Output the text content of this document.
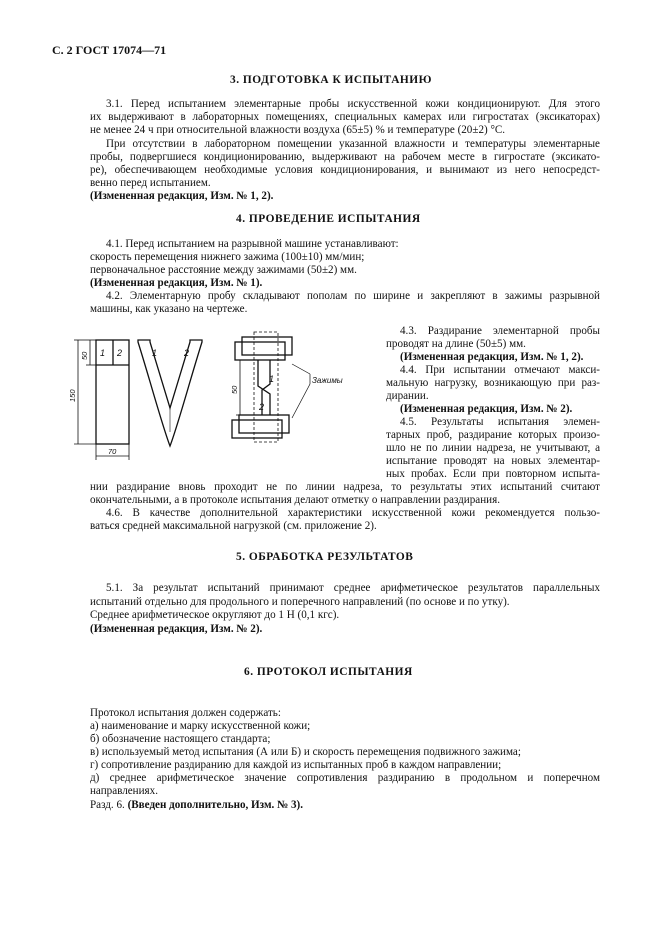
С. 2 ГОСТ 17074—71
3. ПОДГОТОВКА К ИСПЫТАНИЮ
3.1. Перед испытанием элементарные пробы искусственной кожи кондиционируют. Для этого
их выдерживают в лабораторных помещениях, специальных камерах или гигростатах (эксикаторах)
не менее 24 ч при относительной влажности воздуха (65±5) % и температуре (20±2) °С.
При отсутствии в лабораторном помещении указанной влажности и температуры элементарные
пробы, подвергшиеся кондиционированию, выдерживают на рабочем месте в гигростате (эксикато-
ре), обеспечивающем необходимые условия кондиционирования, и вынимают из него непосредст-
венно перед испытанием.
(Измененная редакция, Изм. № 1, 2).
4. ПРОВЕДЕНИЕ ИСПЫТАНИЯ
4.1. Перед испытанием на разрывной машине устанавливают:
скорость перемещения нижнего зажима (100±10) мм/мин;
первоначальное расстояние между зажимами (50±2) мм.
(Измененная редакция, Изм. № 1).
4.2. Элементарную пробу складывают пополам по ширине и закрепляют в зажимы разрывной
машины, как указано на чертеже.
1 2	1	2
1
2
Зажимы
50
150
70
50
4.3. Раздирание элементарной пробы
проводят на длине (50±5) мм.
(Измененная редакция, Изм. № 1, 2).
4.4. При испытании отмечают макси-
мальную нагрузку, возникающую при раз-
дирании.
(Измененная редакция, Изм. № 2).
4.5. Результаты испытания элемен-
тарных проб, раздирание которых произо-
шло не по линии надреза, не учитывают, а
испытание проводят на новых элементар-
ных пробах. Если при повторном испыта-
нии раздирание вновь проходит не по линии надреза, то результаты этих испытаний считают
окончательными, а в протоколе испытания делают отметку о направлении раздирания.
4.6. В качестве дополнительной характеристики искусственной кожи рекомендуется пользо-
ваться средней максимальной нагрузкой (см. приложение 2).
5. ОБРАБОТКА РЕЗУЛЬТАТОВ
5.1. За результат испытаний принимают среднее арифметическое результатов параллельных
испытаний отдельно для продольного и поперечного направлений (по основе и по утку).
Среднее арифметическое округляют до 1 Н (0,1 кгс).
(Измененная редакция, Изм. № 2).
6. ПРОТОКОЛ ИСПЫТАНИЯ
Протокол испытания должен содержать:
а) наименование и марку искусственной кожи;
б) обозначение настоящего стандарта;
в) используемый метод испытания (А или Б) и скорость перемещения подвижного зажима;
г) сопротивление раздиранию для каждой из испытанных проб в каждом направлении;
д) среднее арифметическое значение сопротивления раздиранию в продольном и поперечном
направлениях.
Разд. 6. (Введен дополнительно, Изм. № 3).
